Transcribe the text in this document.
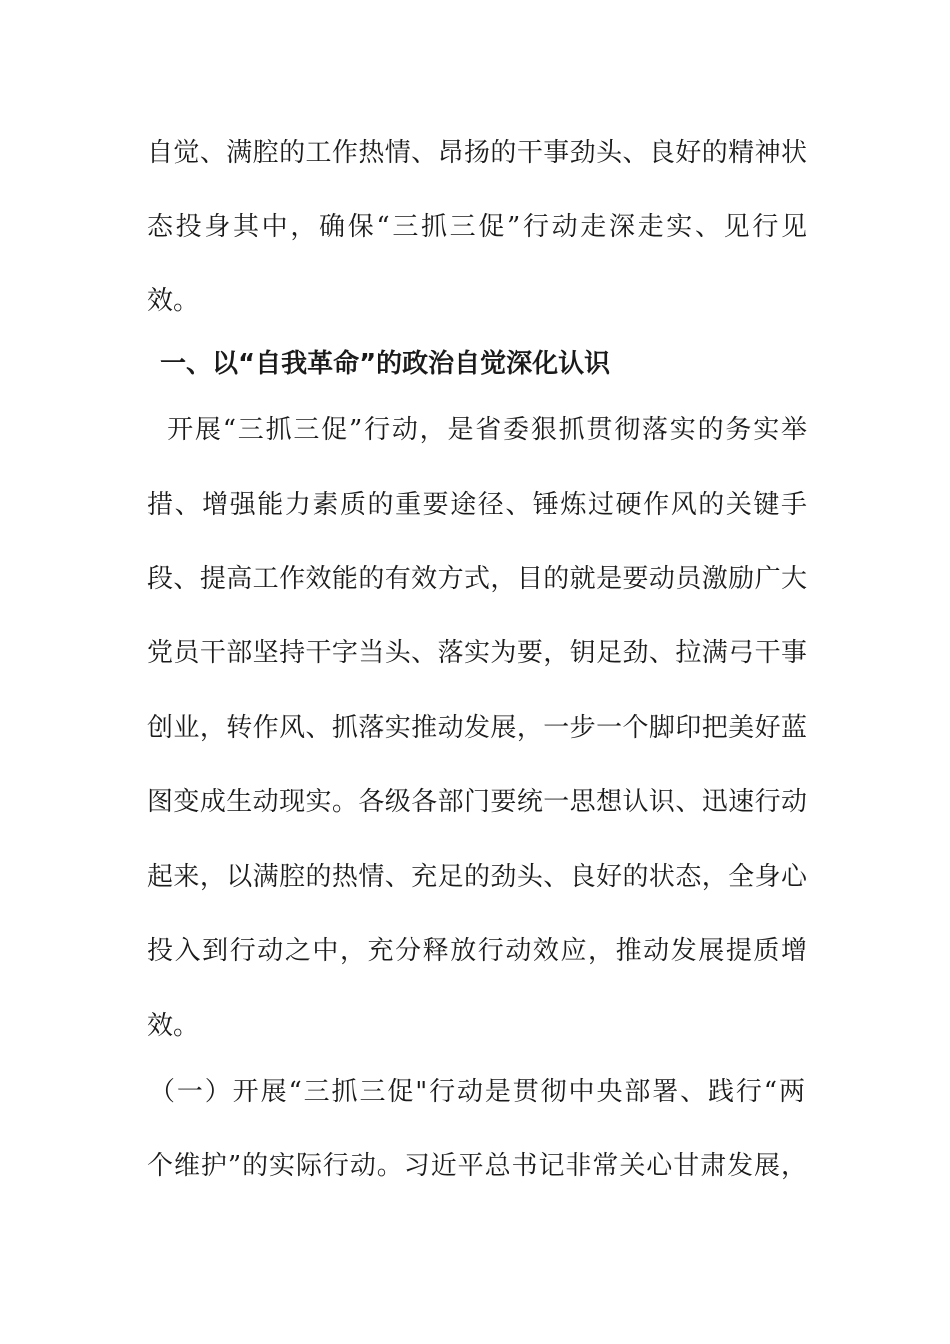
自觉、满腔的工作热情、昂扬的干事劲头、良好的精神状
态投身其中，确保“三抓三促”行动走深走实、见行见
效。
一、以“自我革命”的政治自觉深化认识
开展“三抓三促”行动，是省委狠抓贯彻落实的务实举
措、增强能力素质的重要途径、锤炼过硬作风的关键手
段、提高工作效能的有效方式，目的就是要动员激励广大
党员干部坚持干字当头、落实为要，钥足劲、拉满弓干事
创业，转作风、抓落实推动发展，一步一个脚印把美好蓝
图变成生动现实。各级各部门要统一思想认识、迅速行动
起来，以满腔的热情、充足的劲头、良好的状态，全身心
投入到行动之中，充分释放行动效应，推动发展提质增
效。
（一）开展“三抓三促"行动是贯彻中央部署、践行“两
个维护”的实际行动。习近平总书记非常关心甘肃发展，
